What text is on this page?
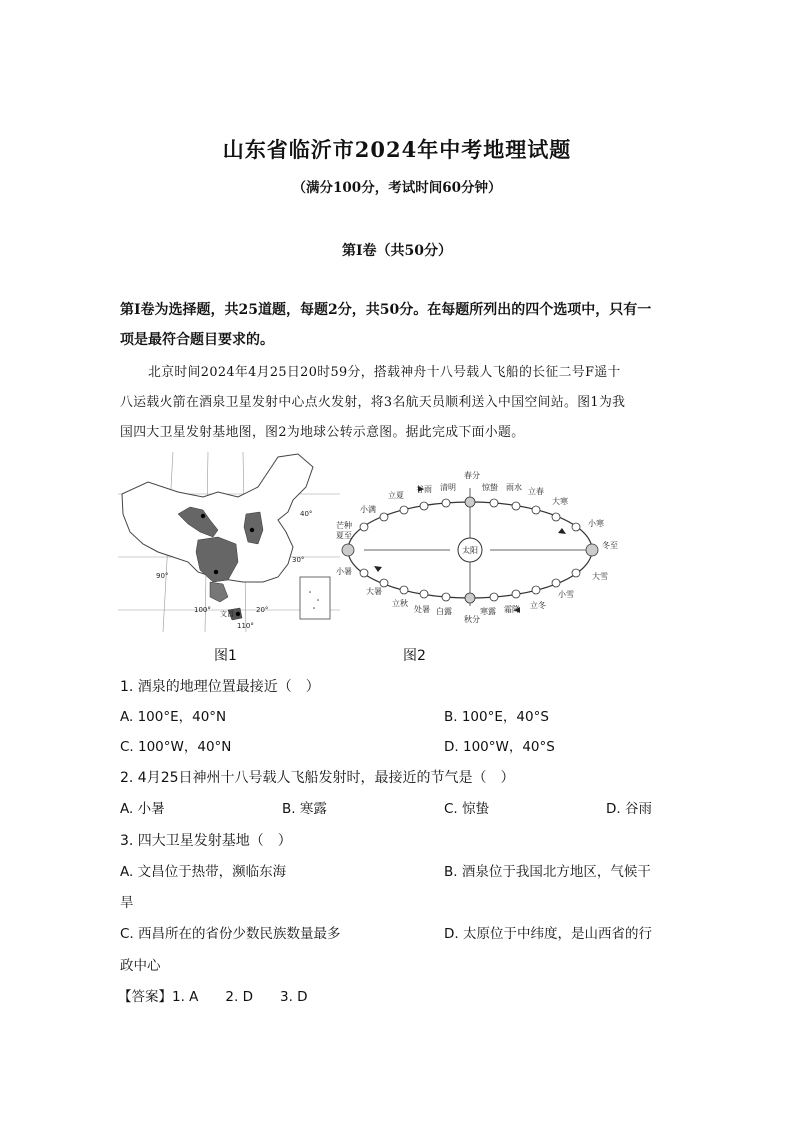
山东省临沂市2024年中考地理试题
（满分100分，考试时间60分钟）
第Ⅰ卷（共50分）
第Ⅰ卷为选择题，共25道题，每题2分，共50分。在每题所列出的四个选项中，只有一
项是最符合题目要求的。
北京时间2024年4月25日20时59分，搭载神舟十八号载人飞船的长征二号F遥十
八运载火箭在酒泉卫星发射中心点火发射，将3名航天员顺利送入中国空间站。图1为我
国四大卫星发射基地图，图2为地球公转示意图。据此完成下面小题。
40°
30°
20°
90°
100°
110°
文昌
太阳
春分
惊蛰 雨水 立春
大寒
小寒
冬至
大雪
小雪
立冬
霜降
寒露
秋分
白露
处暑
立秋
大暑
小暑
夏至
芒种
小满
立夏
谷雨 清明
图1	图2
1. 酒泉的地理位置最接近（　）
A. 100°E，40°N	B. 100°E，40°S
C. 100°W，40°N	D. 100°W，40°S
2. 4月25日神州十八号载人飞船发射时，最接近的节气是（　）
A. 小暑	B. 寒露	C. 惊蛰	D. 谷雨
3. 四大卫星发射基地（　）
A. 文昌位于热带，濒临东海	B. 酒泉位于我国北方地区，气候干
旱
C. 西昌所在的省份少数民族数量最多	D. 太原位于中纬度，是山西省的行
政中心
【答案】1. A　　2. D　　3. D
